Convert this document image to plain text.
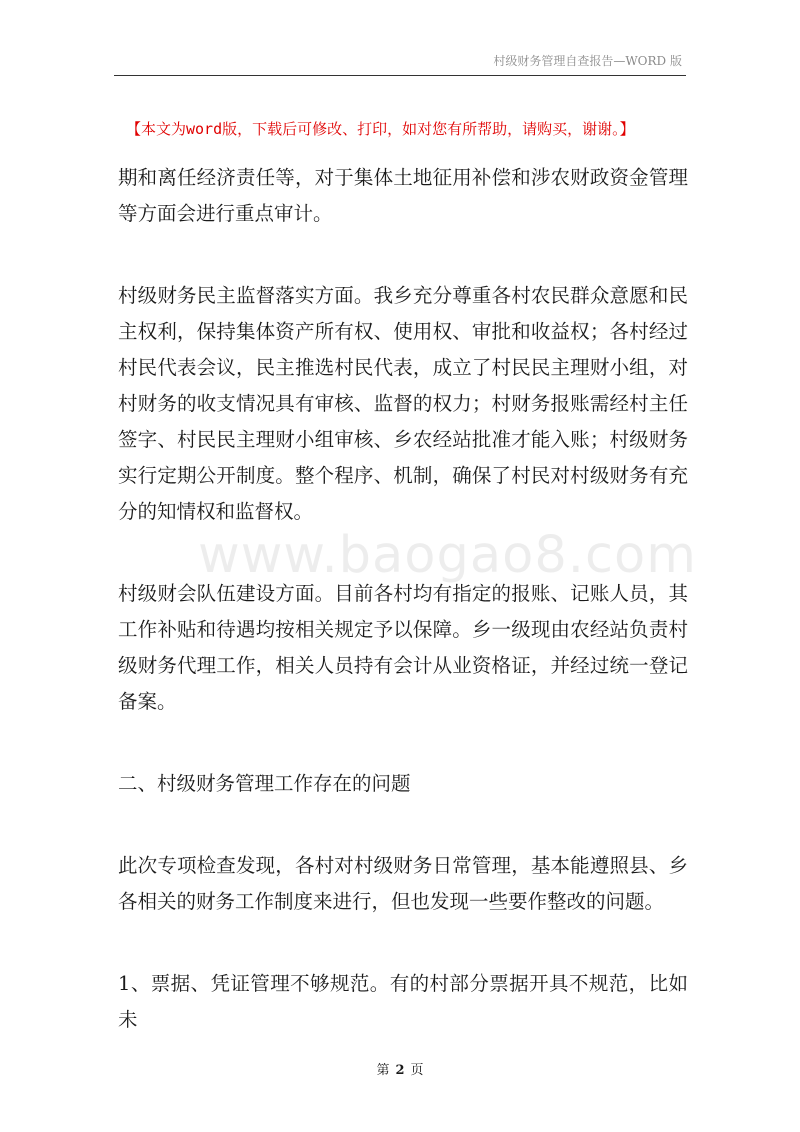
村级财务管理自查报告—WORD 版
【本文为word版，下载后可修改、打印，如对您有所帮助，请购买，谢谢。】

期和离任经济责任等，对于集体土地征用补偿和涉农财政资金管理等方面会进行重点审计。

村级财务民主监督落实方面。我乡充分尊重各村农民群众意愿和民主权利，保持集体资产所有权、使用权、审批和收益权；各村经过村民代表会议，民主推选村民代表，成立了村民民主理财小组，对村财务的收支情况具有审核、监督的权力；村财务报账需经村主任签字、村民民主理财小组审核、乡农经站批准才能入账；村级财务实行定期公开制度。整个程序、机制，确保了村民对村级财务有充分的知情权和监督权。

村级财会队伍建设方面。目前各村均有指定的报账、记账人员，其工作补贴和待遇均按相关规定予以保障。乡一级现由农经站负责村级财务代理工作，相关人员持有会计从业资格证，并经过统一登记备案。

二、村级财务管理工作存在的问题

此次专项检查发现，各村对村级财务日常管理，基本能遵照县、乡各相关的财务工作制度来进行，但也发现一些要作整改的问题。

1、票据、凭证管理不够规范。有的村部分票据开具不规范，比如未

www.baogao8.com
第 2 页
